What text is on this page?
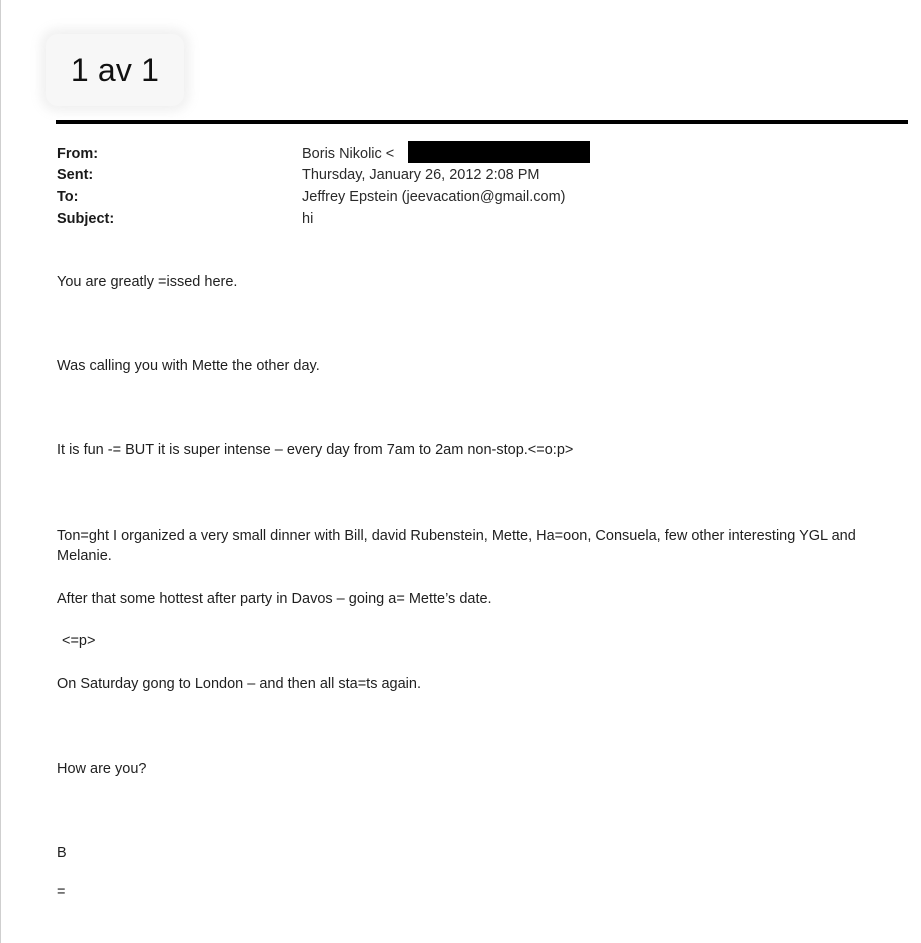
1 av 1
From:	Boris Nikolic <
Sent:	Thursday, January 26, 2012 2:08 PM
To:	Jeffrey Epstein (jeevacation@gmail.com)
Subject:	hi
You are greatly =issed here.
Was calling you with Mette the other day.
It is fun -= BUT it is super intense – every day from 7am to 2am non-stop.<=o:p>
Ton=ght I organized a very small dinner with Bill, david Rubenstein, Mette, Ha=oon, Consuela, few other interesting YGL and Melanie.
After that some hottest after party in Davos – going a= Mette’s date.
<=p>
On Saturday gong to London – and then all sta=ts again.
How are you?
B
=
